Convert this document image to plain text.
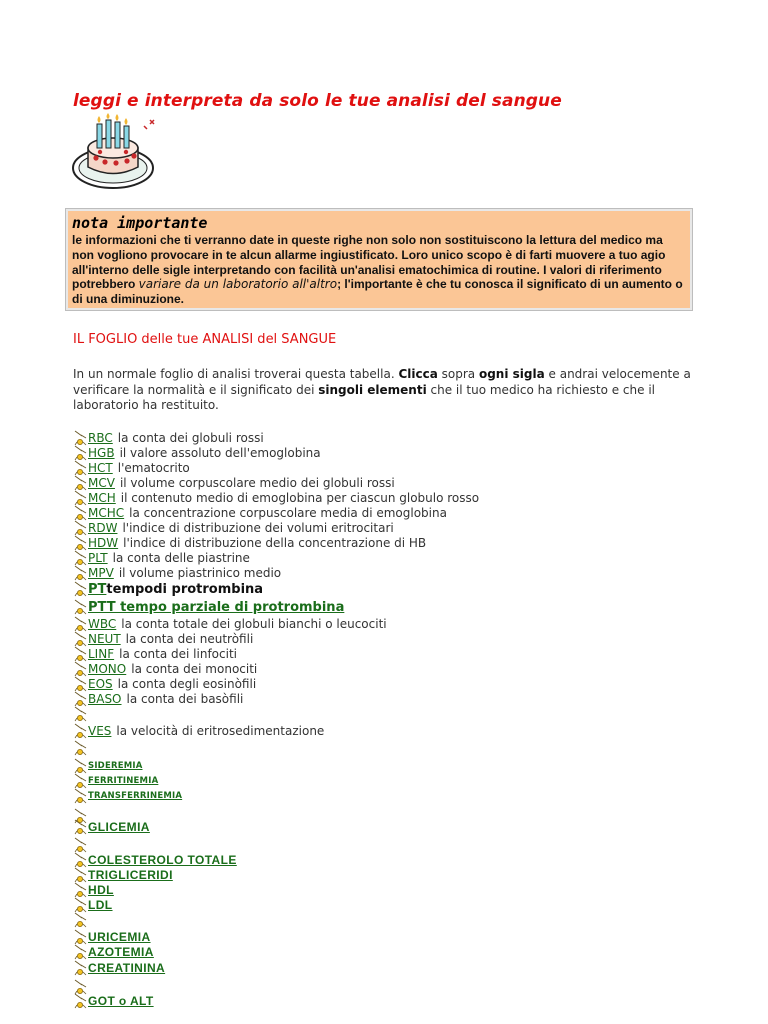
leggi e interpreta da solo le tue analisi del sangue

nota importante

le informazioni che ti verranno date in queste righe non solo non sostituiscono la lettura del medico ma non vogliono provocare in te alcun allarme ingiustificato. Loro unico scopo è di farti muovere a tuo agio all'interno delle sigle interpretando con facilità un'analisi ematochimica di routine. I valori di riferimento potrebbero variare da un laboratorio all'altro; l'importante è che tu conosca il significato di un aumento o di una diminuzione.

IL FOGLIO delle tue ANALISI del SANGUE

In un normale foglio di analisi troverai questa tabella. Clicca sopra ogni sigla e andrai velocemente a verificare la normalità e il significato dei singoli elementi che il tuo medico ha richiesto e che il laboratorio ha restituito.

RBC la conta dei globuli rossi
HGB il valore assoluto dell'emoglobina
HCT l'ematocrito
MCV il volume corpuscolare medio dei globuli rossi
MCH il contenuto medio di emoglobina per ciascun globulo rosso
MCHC la concentrazione corpuscolare media di emoglobina
RDW l'indice di distribuzione dei volumi eritrocitari
HDW l'indice di distribuzione della concentrazione di HB
PLT la conta delle piastrine
MPV il volume piastrinico medio
PT tempodi protrombina
PTT tempo parziale di protrombina
WBC la conta totale dei globuli bianchi o leucociti
NEUT la conta dei neutròfili
LINF la conta dei linfociti
MONO la conta dei monociti
EOS la conta degli eosinòfili
BASO la conta dei basòfili
VES la velocità di eritrosedimentazione
SIDEREMIA
FERRITINEMIA
TRANSFERRINEMIA
GLICEMIA
COLESTEROLO TOTALE
TRIGLICERIDI
HDL
LDL
URICEMIA
AZOTEMIA
CREATININA
GOT o ALT
